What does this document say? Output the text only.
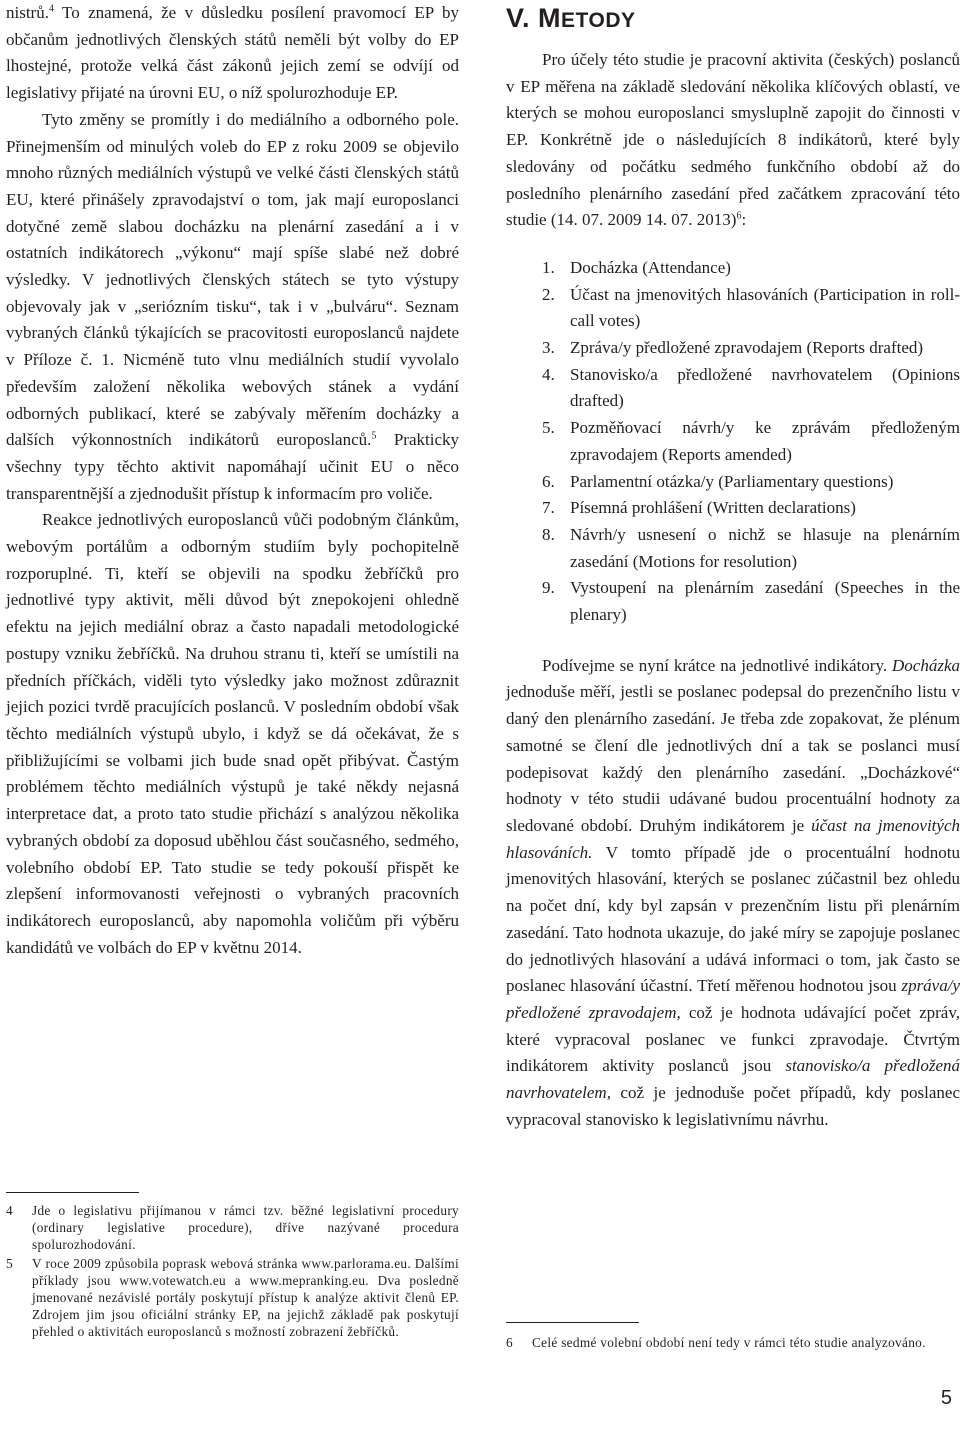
nistrů.$^4$ To znamená, že v důsledku posílení pravomocí EP by občanům jednotlivých členských států neměli být volby do EP lhostejné, protože velká část zákonů jejich zemí se odvíjí od legislativy přijaté na úrovni EU, o níž spolurozhoduje EP.

Tyto změny se promítly i do mediálního a odborného pole. Přinejmenším od minulých voleb do EP z roku 2009 se objevilo mnoho různých mediálních výstupů ve velké části členských států EU, které přinášely zpravodajství o tom, jak mají europoslanci dotyčné země slabou docházku na plenární zasedání a i v ostatních indikátorech „výkonu“ mají spíše slabé než dobré výsledky. V jednotlivých členských státech se tyto výstupy objevovaly jak v „seriózním tisku“, tak i v „bulváru“. Seznam vybraných článků týkajících se pracovitosti europoslanců najdete v Příloze č. 1. Nicméně tuto vlnu mediálních studií vyvolalo především založení několika webových stánek a vydání odborných publikací, které se zabývaly měřením docházky a dalších výkonnostních indikátorů europoslanců.$^5$ Prakticky všechny typy těchto aktivit napomáhají učinit EU o něco transparentnější a zjednodušit přístup k informacím pro voliče.

Reakce jednotlivých europoslanců vůči podobným článkům, webovým portálům a odborným studiím byly pochopitelně rozporuplné. Ti, kteří se objevili na spodku žebříčků pro jednotlivé typy aktivit, měli důvod být znepokojeni ohledně efektu na jejich mediální obraz a často napadali metodologické postupy vzniku žebříčků. Na druhou stranu ti, kteří se umístili na předních příčkách, viděli tyto výsledky jako možnost zdůraznit jejich pozici tvrdě pracujících poslanců. V posledním období však těchto mediálních výstupů ubylo, i když se dá očekávat, že s přibližujícími se volbami jich bude snad opět přibývat. Častým problémem těchto mediálních výstupů je také někdy nejasná interpretace dat, a proto tato studie přichází s analýzou několika vybraných období za doposud uběhlou část současného, sedmého, volebního období EP. Tato studie se tedy pokouší přispět ke zlepšení informovanosti veřejnosti o vybraných pracovních indikátorech europoslanců, aby napomohla voličům při výběru kandidátů ve volbách do EP v květnu 2014.

4 Jde o legislativu přijímanou v rámci tzv. běžné legislativní procedury (ordinary legislative procedure), dříve nazývané procedura spolurozhodování.
5 V roce 2009 způsobila poprask webová stránka www.parlorama.eu. Dalšími příklady jsou www.votewatch.eu a www.mepranking.eu. Dva posledně jmenované nezávislé portály poskytují přístup k analýze aktivit členů EP. Zdrojem jim jsou oficiální stránky EP, na jejichž základě pak poskytují přehled o aktivitách europoslanců s možností zobrazení žebříčků.
V. METODY

Pro účely této studie je pracovní aktivita (českých) poslanců v EP měřena na základě sledování několika klíčových oblastí, ve kterých se mohou europoslanci smysluplně zapojit do činnosti v EP. Konkrétně jde o následujících 8 indikátorů, které byly sledovány od počátku sedmého funkčního období až do posledního plenárního zasedání před začátkem zpracování této studie (14. 07. 2009 14. 07. 2013)$^6$:

1. Docházka (Attendance)
2. Účast na jmenovitých hlasováních (Participation in roll-call votes)
3. Zpráva/y předložené zpravodajem (Reports drafted)
4. Stanovisko/a předložené navrhovatelem (Opinions drafted)
5. Pozměňovací návrh/y ke zprávám předloženým zpravodajem (Reports amended)
6. Parlamentní otázka/y (Parliamentary questions)
7. Písemná prohlášení (Written declarations)
8. Návrh/y usnesení o nichž se hlasuje na plenárním zasedání (Motions for resolution)
9. Vystoupení na plenárním zasedání (Speeches in the plenary)

Podívejme se nyní krátce na jednotlivé indikátory. Docházka jednoduše měří, jestli se poslanec podepsal do prezenčního listu v daný den plenárního zasedání. Je třeba zde zopakovat, že plénum samotné se člení dle jednotlivých dní a tak se poslanci musí podepisovat každý den plenárního zasedání. „Docházkové“ hodnoty v této studii udávané budou procentuální hodnoty za sledované období. Druhým indikátorem je účast na jmenovitých hlasováních. V tomto případě jde o procentuální hodnotu jmenovitých hlasování, kterých se poslanec zúčastnil bez ohledu na počet dní, kdy byl zapsán v prezenčním listu při plenárním zasedání. Tato hodnota ukazuje, do jaké míry se zapojuje poslanec do jednotlivých hlasování a udává informaci o tom, jak často se poslanec hlasování účastní. Třetí měřenou hodnotou jsou zpráva/y předložené zpravodajem, což je hodnota udávající počet zpráv, které vypracoval poslanec ve funkci zpravodaje. Čtvrtým indikátorem aktivity poslanců jsou stanovisko/a předložená navrhovatelem, což je jednoduše počet případů, kdy poslanec vypracoval stanovisko k legislativnímu návrhu.

6 Celé sedmé volební období není tedy v rámci této studie analyzováno.
5
